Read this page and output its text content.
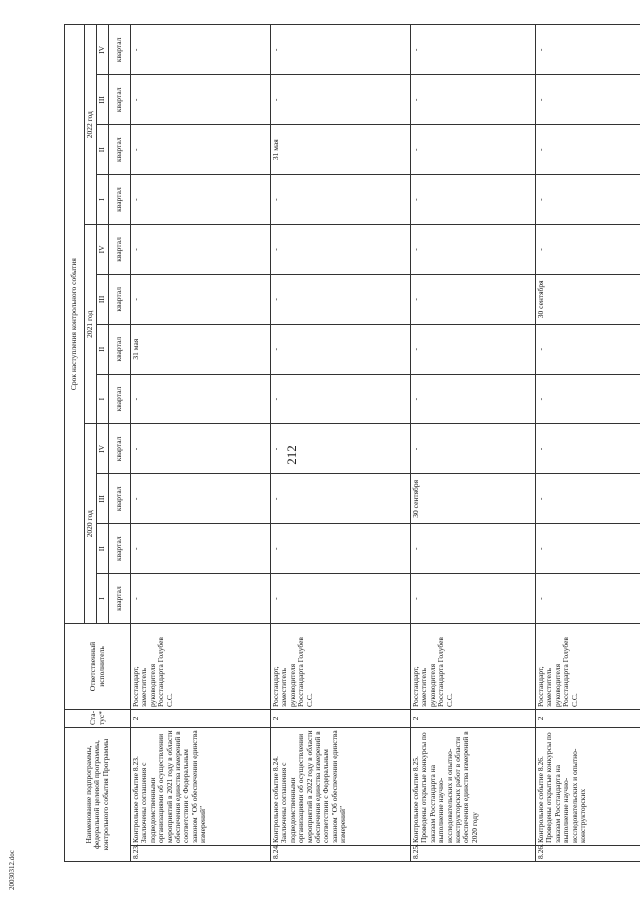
212
20030312.doc
Наименование подпрограммы, федеральной целевой программы, контрольного события Программы		Ста-тус*	Ответственный исполнитель	Срок наступления контрольного события											
				2020 год				2021 год				2022 год			
				I	II	III	IV	I	II	III	IV	I	II	III	IV
				квартал	квартал	квартал	квартал	квартал	квартал	квартал	квартал	квартал	квартал	квартал	квартал
8.23.	Контрольное событие 8.23. Заключены соглашения с подведомственными организациями об осуществлении мероприятий в 2021 году в области обеспечения единства измерений в соответствии с Федеральным законом "Об обеспечении единства измерений"	2	Росстандарт, заместитель руководителя Росстандарта Голубев С.С.	-	-	-	-	-	31 мая	-	-	-	-	-	-
8.24.	Контрольное событие 8.24. Заключены соглашения с подведомственными организациями об осуществлении мероприятий в 2022 году в области обеспечения единства измерений в соответствии с Федеральным законом "Об обеспечении единства измерений"	2	Росстандарт, заместитель руководителя Росстандарта Голубев С.С.	-	-	-	-	-	-	-	-	-	31 мая	-	-
8.25.	Контрольное событие 8.25. Проведены открытые конкурсы по заказам Росстандарта на выполнение научно-исследовательских и опытно-конструкторских работ в области обеспечения единства измерений в 2020 году	2	Росстандарт, заместитель руководителя Росстандарта Голубев С.С.	-	-	30 сентября	-	-	-	-	-	-	-	-	-
8.26.	Контрольное событие 8.26. Проведены открытые конкурсы по заказам Росстандарта на выполнение научно-исследовательских и опытно-конструкторских	2	Росстандарт, заместитель руководителя Росстандарта Голубев С.С.	-	-	-	-	-	-	30 сентября	-	-	-	-	-
